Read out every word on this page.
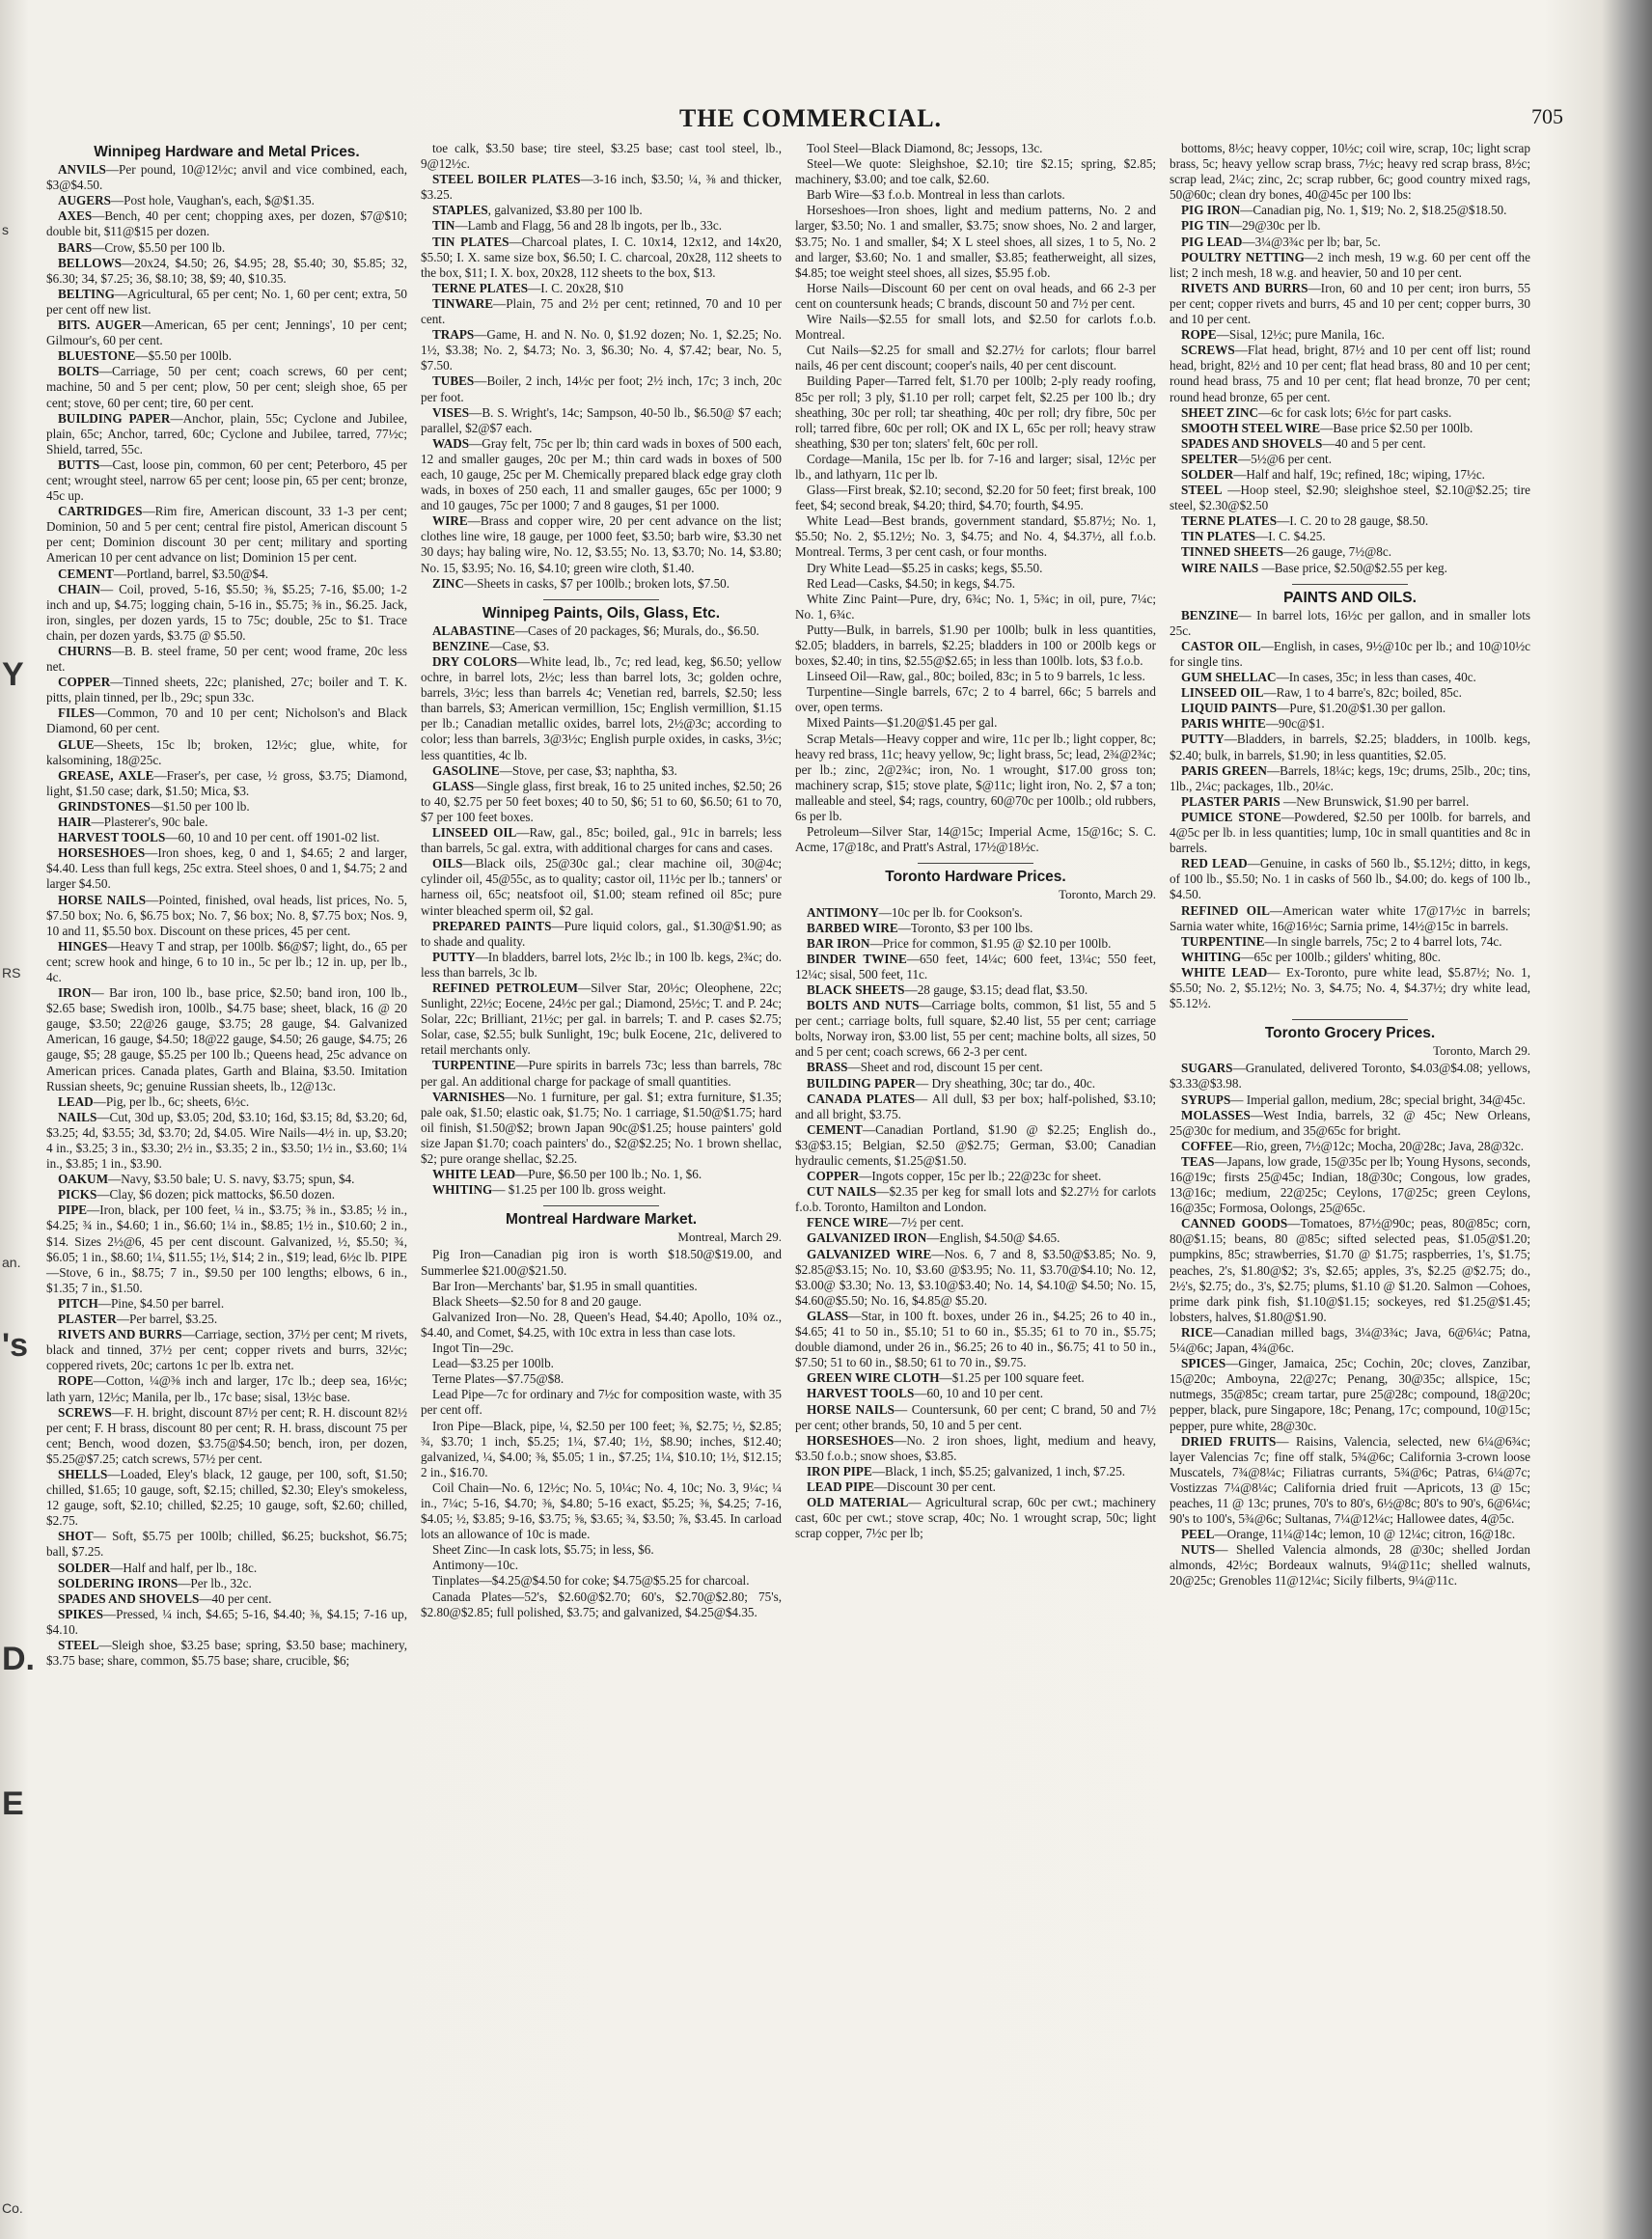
s
Y
RS
an.
's
D.
E
Co.
THE COMMERCIAL.	705
Winnipeg Hardware and Metal Prices.

ANVILS—Per pound, 10@12½c; anvil and vice combined, each, $3@$4.50.

AUGERS—Post hole, Vaughan's, each, $@$1.35.

AXES—Bench, 40 per cent; chopping axes, per dozen, $7@$10; double bit, $11@$15 per dozen.

BARS—Crow, $5.50 per 100 lb.

BELLOWS—20x24, $4.50; 26, $4.95; 28, $5.40; 30, $5.85; 32, $6.30; 34, $7.25; 36, $8.10; 38, $9; 40, $10.35.

BELTING—Agricultural, 65 per cent; No. 1, 60 per cent; extra, 50 per cent off new list.

BITS. AUGER—American, 65 per cent; Jennings', 10 per cent; Gilmour's, 60 per cent.

BLUESTONE—$5.50 per 100lb.

BOLTS—Carriage, 50 per cent; coach screws, 60 per cent; machine, 50 and 5 per cent; plow, 50 per cent; sleigh shoe, 65 per cent; stove, 60 per cent; tire, 60 per cent.

BUILDING PAPER—Anchor, plain, 55c; Cyclone and Jubilee, plain, 65c; Anchor, tarred, 60c; Cyclone and Jubilee, tarred, 77½c; Shield, tarred, 55c.

BUTTS—Cast, loose pin, common, 60 per cent; Peterboro, 45 per cent; wrought steel, narrow 65 per cent; loose pin, 65 per cent; bronze, 45c up.

CARTRIDGES—Rim fire, American discount, 33 1-3 per cent; Dominion, 50 and 5 per cent; central fire pistol, American discount 5 per cent; Dominion discount 30 per cent; military and sporting American 10 per cent advance on list; Dominion 15 per cent.

CEMENT—Portland, barrel, $3.50@$4.

CHAIN— Coil, proved, 5-16, $5.50; ⅜, $5.25; 7-16, $5.00; 1-2 inch and up, $4.75; logging chain, 5-16 in., $5.75; ⅜ in., $6.25. Jack, iron, singles, per dozen yards, 15 to 75c; double, 25c to $1. Trace chain, per dozen yards, $3.75 @ $5.50.

CHURNS—B. B. steel frame, 50 per cent; wood frame, 20c less net.

COPPER—Tinned sheets, 22c; planished, 27c; boiler and T. K. pitts, plain tinned, per lb., 29c; spun 33c.

FILES—Common, 70 and 10 per cent; Nicholson's and Black Diamond, 60 per cent.

GLUE—Sheets, 15c lb; broken, 12½c; glue, white, for kalsomining, 18@25c.

GREASE, AXLE—Fraser's, per case, ½ gross, $3.75; Diamond, light, $1.50 case; dark, $1.50; Mica, $3.

GRINDSTONES—$1.50 per 100 lb.

HAIR—Plasterer's, 90c bale.

HARVEST TOOLS—60, 10 and 10 per cent. off 1901-02 list.

HORSESHOES—Iron shoes, keg, 0 and 1, $4.65; 2 and larger, $4.40. Less than full kegs, 25c extra. Steel shoes, 0 and 1, $4.75; 2 and larger $4.50.

HORSE NAILS—Pointed, finished, oval heads, list prices, No. 5, $7.50 box; No. 6, $6.75 box; No. 7, $6 box; No. 8, $7.75 box; Nos. 9, 10 and 11, $5.50 box. Discount on these prices, 45 per cent.

HINGES—Heavy T and strap, per 100lb. $6@$7; light, do., 65 per cent; screw hook and hinge, 6 to 10 in., 5c per lb.; 12 in. up, per lb., 4c.

IRON— Bar iron, 100 lb., base price, $2.50; band iron, 100 lb., $2.65 base; Swedish iron, 100lb., $4.75 base; sheet, black, 16 @ 20 gauge, $3.50; 22@26 gauge, $3.75; 28 gauge, $4. Galvanized American, 16 gauge, $4.50; 18@22 gauge, $4.50; 26 gauge, $4.75; 26 gauge, $5; 28 gauge, $5.25 per 100 lb.; Queens head, 25c advance on American prices. Canada plates, Garth and Blaina, $3.50. Imitation Russian sheets, 9c; genuine Russian sheets, lb., 12@13c.

LEAD—Pig, per lb., 6c; sheets, 6½c.

NAILS—Cut, 30d up, $3.05; 20d, $3.10; 16d, $3.15; 8d, $3.20; 6d, $3.25; 4d, $3.55; 3d, $3.70; 2d, $4.05. Wire Nails—4½ in. up, $3.20; 4 in., $3.25; 3 in., $3.30; 2½ in., $3.35; 2 in., $3.50; 1½ in., $3.60; 1¼ in., $3.85; 1 in., $3.90.

OAKUM—Navy, $3.50 bale; U. S. navy, $3.75; spun, $4.

PICKS—Clay, $6 dozen; pick mattocks, $6.50 dozen.

PIPE—Iron, black, per 100 feet, ¼ in., $3.75; ⅜ in., $3.85; ½ in., $4.25; ¾ in., $4.60; 1 in., $6.60; 1¼ in., $8.85; 1½ in., $10.60; 2 in., $14. Sizes 2½@6, 45 per cent discount. Galvanized, ½, $5.50; ¾, $6.05; 1 in., $8.60; 1¼, $11.55; 1½, $14; 2 in., $19; lead, 6½c lb. PIPE—Stove, 6 in., $8.75; 7 in., $9.50 per 100 lengths; elbows, 6 in., $1.35; 7 in., $1.50.

PITCH—Pine, $4.50 per barrel.

PLASTER—Per barrel, $3.25.

RIVETS AND BURRS—Carriage, section, 37½ per cent; M rivets, black and tinned, 37½ per cent; copper rivets and burrs, 32½c; coppered rivets, 20c; cartons 1c per lb. extra net.

ROPE—Cotton, ¼@⅜ inch and larger, 17c lb.; deep sea, 16½c; lath yarn, 12½c; Manila, per lb., 17c base; sisal, 13½c base.

SCREWS—F. H. bright, discount 87½ per cent; R. H. discount 82½ per cent; F. H brass, discount 80 per cent; R. H. brass, discount 75 per cent; Bench, wood dozen, $3.75@$4.50; bench, iron, per dozen, $5.25@$7.25; catch screws, 57½ per cent.

SHELLS—Loaded, Eley's black, 12 gauge, per 100, soft, $1.50; chilled, $1.65; 10 gauge, soft, $2.15; chilled, $2.30; Eley's smokeless, 12 gauge, soft, $2.10; chilled, $2.25; 10 gauge, soft, $2.60; chilled, $2.75.

SHOT— Soft, $5.75 per 100lb; chilled, $6.25; buckshot, $6.75; ball, $7.25.

SOLDER—Half and half, per lb., 18c.

SOLDERING IRONS—Per lb., 32c.

SPADES AND SHOVELS—40 per cent.

SPIKES—Pressed, ¼ inch, $4.65; 5-16, $4.40; ⅜, $4.15; 7-16 up, $4.10.

STEEL—Sleigh shoe, $3.25 base; spring, $3.50 base; machinery, $3.75 base; share, common, $5.75 base; share, crucible, $6;

toe calk, $3.50 base; tire steel, $3.25 base; cast tool steel, lb., 9@12½c.

STEEL BOILER PLATES—3-16 inch, $3.50; ¼, ⅜ and thicker, $3.25.

STAPLES, galvanized, $3.80 per 100 lb.

TIN—Lamb and Flagg, 56 and 28 lb ingots, per lb., 33c.

TIN PLATES—Charcoal plates, I. C. 10x14, 12x12, and 14x20, $5.50; I. X. same size box, $6.50; I. C. charcoal, 20x28, 112 sheets to the box, $11; I. X. box, 20x28, 112 sheets to the box, $13.

TERNE PLATES—I. C. 20x28, $10

TINWARE—Plain, 75 and 2½ per cent; retinned, 70 and 10 per cent.

TRAPS—Game, H. and N. No. 0, $1.92 dozen; No. 1, $2.25; No. 1½, $3.38; No. 2, $4.73; No. 3, $6.30; No. 4, $7.42; bear, No. 5, $7.50.

TUBES—Boiler, 2 inch, 14½c per foot; 2½ inch, 17c; 3 inch, 20c per foot.

VISES—B. S. Wright's, 14c; Sampson, 40-50 lb., $6.50@ $7 each; parallel, $2@$7 each.

WADS—Gray felt, 75c per lb; thin card wads in boxes of 500 each, 12 and smaller gauges, 20c per M.; thin card wads in boxes of 500 each, 10 gauge, 25c per M. Chemically prepared black edge gray cloth wads, in boxes of 250 each, 11 and smaller gauges, 65c per 1000; 9 and 10 gauges, 75c per 1000; 7 and 8 gauges, $1 per 1000.

WIRE—Brass and copper wire, 20 per cent advance on the list; clothes line wire, 18 gauge, per 1000 feet, $3.50; barb wire, $3.30 net 30 days; hay baling wire, No. 12, $3.55; No. 13, $3.70; No. 14, $3.80; No. 15, $3.95; No. 16, $4.10; green wire cloth, $1.40.

ZINC—Sheets in casks, $7 per 100lb.; broken lots, $7.50.

Winnipeg Paints, Oils, Glass, Etc.

ALABASTINE—Cases of 20 packages, $6; Murals, do., $6.50.

BENZINE—Case, $3.

DRY COLORS—White lead, lb., 7c; red lead, keg, $6.50; yellow ochre, in barrel lots, 2½c; less than barrel lots, 3c; golden ochre, barrels, 3½c; less than barrels 4c; Venetian red, barrels, $2.50; less than barrels, $3; American vermillion, 15c; English vermillion, $1.15 per lb.; Canadian metallic oxides, barrel lots, 2½@3c; according to color; less than barrels, 3@3½c; English purple oxides, in casks, 3½c; less quantities, 4c lb.

GASOLINE—Stove, per case, $3; naphtha, $3.

GLASS—Single glass, first break, 16 to 25 united inches, $2.50; 26 to 40, $2.75 per 50 feet boxes; 40 to 50, $6; 51 to 60, $6.50; 61 to 70, $7 per 100 feet boxes.

LINSEED OIL—Raw, gal., 85c; boiled, gal., 91c in barrels; less than barrels, 5c gal. extra, with additional charges for cans and cases.

OILS—Black oils, 25@30c gal.; clear machine oil, 30@4c; cylinder oil, 45@55c, as to quality; castor oil, 11½c per lb.; tanners' or harness oil, 65c; neatsfoot oil, $1.00; steam refined oil 85c; pure winter bleached sperm oil, $2 gal.

PREPARED PAINTS—Pure liquid colors, gal., $1.30@$1.90; as to shade and quality.

PUTTY—In bladders, barrel lots, 2½c lb.; in 100 lb. kegs, 2¾c; do. less than barrels, 3c lb.

REFINED PETROLEUM—Silver Star, 20½c; Oleophene, 22c; Sunlight, 22½c; Eocene, 24½c per gal.; Diamond, 25½c; T. and P. 24c; Solar, 22c; Brilliant, 21½c; per gal. in barrels; T. and P. cases $2.75; Solar, case, $2.55; bulk Sunlight, 19c; bulk Eocene, 21c, delivered to retail merchants only.

TURPENTINE—Pure spirits in barrels 73c; less than barrels, 78c per gal. An additional charge for package of small quantities.

VARNISHES—No. 1 furniture, per gal. $1; extra furniture, $1.35; pale oak, $1.50; elastic oak, $1.75; No. 1 carriage, $1.50@$1.75; hard oil finish, $1.50@$2; brown Japan 90c@$1.25; house painters' gold size Japan $1.70; coach painters' do., $2@$2.25; No. 1 brown shellac, $2; pure orange shellac, $2.25.

WHITE LEAD—Pure, $6.50 per 100 lb.; No. 1, $6.

WHITING— $1.25 per 100 lb. gross weight.

Montreal Hardware Market.
Montreal, March 29.

Pig Iron—Canadian pig iron is worth $18.50@$19.00, and Summerlee $21.00@$21.50.

Bar Iron—Merchants' bar, $1.95 in small quantities.

Black Sheets—$2.50 for 8 and 20 gauge.

Galvanized Iron—No. 28, Queen's Head, $4.40; Apollo, 10¾ oz., $4.40, and Comet, $4.25, with 10c extra in less than case lots.

Ingot Tin—29c.

Lead—$3.25 per 100lb.

Terne Plates—$7.75@$8.

Lead Pipe—7c for ordinary and 7½c for composition waste, with 35 per cent off.

Iron Pipe—Black, pipe, ¼, $2.50 per 100 feet; ⅜, $2.75; ½, $2.85; ¾, $3.70; 1 inch, $5.25; 1¼, $7.40; 1½, $8.90; inches, $12.40; galvanized, ¼, $4.00; ⅜, $5.05; 1 in., $7.25; 1¼, $10.10; 1½, $12.15; 2 in., $16.70.

Coil Chain—No. 6, 12½c; No. 5, 10¼c; No. 4, 10c; No. 3, 9¼c; ¼ in., 7¼c; 5-16, $4.70; ⅜, $4.80; 5-16 exact, $5.25; ⅜, $4.25; 7-16, $4.05; ½, $3.85; 9-16, $3.75; ⅝, $3.65; ¾, $3.50; ⅞, $3.45. In carload lots an allowance of 10c is made.

Sheet Zinc—In cask lots, $5.75; in less, $6.

Antimony—10c.

Tinplates—$4.25@$4.50 for coke; $4.75@$5.25 for charcoal.

Canada Plates—52's, $2.60@$2.70; 60's, $2.70@$2.80; 75's, $2.80@$2.85; full polished, $3.75; and galvanized, $4.25@$4.35.

Tool Steel—Black Diamond, 8c; Jessops, 13c.

Steel—We quote: Sleighshoe, $2.10; tire $2.15; spring, $2.85; machinery, $3.00; and toe calk, $2.60.

Barb Wire—$3 f.o.b. Montreal in less than carlots.

Horseshoes—Iron shoes, light and medium patterns, No. 2 and larger, $3.50; No. 1 and smaller, $3.75; snow shoes, No. 2 and larger, $3.75; No. 1 and smaller, $4; X L steel shoes, all sizes, 1 to 5, No. 2 and larger, $3.60; No. 1 and smaller, $3.85; featherweight, all sizes, $4.85; toe weight steel shoes, all sizes, $5.95 f.ob.

Horse Nails—Discount 60 per cent on oval heads, and 66 2-3 per cent on countersunk heads; C brands, discount 50 and 7½ per cent.

Wire Nails—$2.55 for small lots, and $2.50 for carlots f.o.b. Montreal.

Cut Nails—$2.25 for small and $2.27½ for carlots; flour barrel nails, 46 per cent discount; cooper's nails, 40 per cent discount.

Building Paper—Tarred felt, $1.70 per 100lb; 2-ply ready roofing, 85c per roll; 3 ply, $1.10 per roll; carpet felt, $2.25 per 100 lb.; dry sheathing, 30c per roll; tar sheathing, 40c per roll; dry fibre, 50c per roll; tarred fibre, 60c per roll; OK and IX L, 65c per roll; heavy straw sheathing, $30 per ton; slaters' felt, 60c per roll.

Cordage—Manila, 15c per lb. for 7-16 and larger; sisal, 12½c per lb., and lathyarn, 11c per lb.

Glass—First break, $2.10; second, $2.20 for 50 feet; first break, 100 feet, $4; second break, $4.20; third, $4.70; fourth, $4.95.

White Lead—Best brands, government standard, $5.87½; No. 1, $5.50; No. 2, $5.12½; No. 3, $4.75; and No. 4, $4.37½, all f.o.b. Montreal. Terms, 3 per cent cash, or four months.

Dry White Lead—$5.25 in casks; kegs, $5.50.

Red Lead—Casks, $4.50; in kegs, $4.75.

White Zinc Paint—Pure, dry, 6¾c; No. 1, 5¾c; in oil, pure, 7¼c; No. 1, 6¾c.

Putty—Bulk, in barrels, $1.90 per 100lb; bulk in less quantities, $2.05; bladders, in barrels, $2.25; bladders in 100 or 200lb kegs or boxes, $2.40; in tins, $2.55@$2.65; in less than 100lb. lots, $3 f.o.b.

Linseed Oil—Raw, gal., 80c; boiled, 83c; in 5 to 9 barrels, 1c less.

Turpentine—Single barrels, 67c; 2 to 4 barrel, 66c; 5 barrels and over, open terms.

Mixed Paints—$1.20@$1.45 per gal.

Scrap Metals—Heavy copper and wire, 11c per lb.; light copper, 8c; heavy red brass, 11c; heavy yellow, 9c; light brass, 5c; lead, 2¾@2¾c; per lb.; zinc, 2@2¾c; iron, No. 1 wrought, $17.00 gross ton; machinery scrap, $15; stove plate, $@11c; light iron, No. 2, $7 a ton; malleable and steel, $4; rags, country, 60@70c per 100lb.; old rubbers, 6s per lb.

Petroleum—Silver Star, 14@15c; Imperial Acme, 15@16c; S. C. Acme, 17@18c, and Pratt's Astral, 17½@18½c.

Toronto Hardware Prices.
Toronto, March 29.

ANTIMONY—10c per lb. for Cookson's.

BARBED WIRE—Toronto, $3 per 100 lbs.

BAR IRON—Price for common, $1.95 @ $2.10 per 100lb.

BINDER TWINE—650 feet, 14¼c; 600 feet, 13¼c; 550 feet, 12¼c; sisal, 500 feet, 11c.

BLACK SHEETS—28 gauge, $3.15; dead flat, $3.50.

BOLTS AND NUTS—Carriage bolts, common, $1 list, 55 and 5 per cent.; carriage bolts, full square, $2.40 list, 55 per cent; carriage bolts, Norway iron, $3.00 list, 55 per cent; machine bolts, all sizes, 50 and 5 per cent; coach screws, 66 2-3 per cent.

BRASS—Sheet and rod, discount 15 per cent.

BUILDING PAPER— Dry sheathing, 30c; tar do., 40c.

CANADA PLATES— All dull, $3 per box; half-polished, $3.10; and all bright, $3.75.

CEMENT—Canadian Portland, $1.90 @ $2.25; English do., $3@$3.15; Belgian, $2.50 @$2.75; German, $3.00; Canadian hydraulic cements, $1.25@$1.50.

COPPER—Ingots copper, 15c per lb.; 22@23c for sheet.

CUT NAILS—$2.35 per keg for small lots and $2.27½ for carlots f.o.b. Toronto, Hamilton and London.

FENCE WIRE—7½ per cent.

GALVANIZED IRON—English, $4.50@ $4.65.

GALVANIZED WIRE—Nos. 6, 7 and 8, $3.50@$3.85; No. 9, $2.85@$3.15; No. 10, $3.60 @$3.95; No. 11, $3.70@$4.10; No. 12, $3.00@ $3.30; No. 13, $3.10@$3.40; No. 14, $4.10@ $4.50; No. 15, $4.60@$5.50; No. 16, $4.85@ $5.20.

GLASS—Star, in 100 ft. boxes, under 26 in., $4.25; 26 to 40 in., $4.65; 41 to 50 in., $5.10; 51 to 60 in., $5.35; 61 to 70 in., $5.75; double diamond, under 26 in., $6.25; 26 to 40 in., $6.75; 41 to 50 in., $7.50; 51 to 60 in., $8.50; 61 to 70 in., $9.75.

GREEN WIRE CLOTH—$1.25 per 100 square feet.

HARVEST TOOLS—60, 10 and 10 per cent.

HORSE NAILS— Countersunk, 60 per cent; C brand, 50 and 7½ per cent; other brands, 50, 10 and 5 per cent.

HORSESHOES—No. 2 iron shoes, light, medium and heavy, $3.50 f.o.b.; snow shoes, $3.85.

IRON PIPE—Black, 1 inch, $5.25; galvanized, 1 inch, $7.25.

LEAD PIPE—Discount 30 per cent.

OLD MATERIAL— Agricultural scrap, 60c per cwt.; machinery cast, 60c per cwt.; stove scrap, 40c; No. 1 wrought scrap, 50c; light scrap copper, 7½c per lb;

bottoms, 8½c; heavy copper, 10½c; coil wire, scrap, 10c; light scrap brass, 5c; heavy yellow scrap brass, 7½c; heavy red scrap brass, 8½c; scrap lead, 2¼c; zinc, 2c; scrap rubber, 6c; good country mixed rags, 50@60c; clean dry bones, 40@45c per 100 lbs:

PIG IRON—Canadian pig, No. 1, $19; No. 2, $18.25@$18.50.

PIG TIN—29@30c per lb.

PIG LEAD—3¼@3¾c per lb; bar, 5c.

POULTRY NETTING—2 inch mesh, 19 w.g. 60 per cent off the list; 2 inch mesh, 18 w.g. and heavier, 50 and 10 per cent.

RIVETS AND BURRS—Iron, 60 and 10 per cent; iron burrs, 55 per cent; copper rivets and burrs, 45 and 10 per cent; copper burrs, 30 and 10 per cent.

ROPE—Sisal, 12½c; pure Manila, 16c.

SCREWS—Flat head, bright, 87½ and 10 per cent off list; round head, bright, 82½ and 10 per cent; flat head brass, 80 and 10 per cent; round head brass, 75 and 10 per cent; flat head bronze, 70 per cent; round head bronze, 65 per cent.

SHEET ZINC—6c for cask lots; 6½c for part casks.

SMOOTH STEEL WIRE—Base price $2.50 per 100lb.

SPADES AND SHOVELS—40 and 5 per cent.

SPELTER—5½@6 per cent.

SOLDER—Half and half, 19c; refined, 18c; wiping, 17½c.

STEEL —Hoop steel, $2.90; sleighshoe steel, $2.10@$2.25; tire steel, $2.30@$2.50

TERNE PLATES—I. C. 20 to 28 gauge, $8.50.

TIN PLATES—I. C. $4.25.

TINNED SHEETS—26 gauge, 7½@8c.

WIRE NAILS —Base price, $2.50@$2.55 per keg.

PAINTS AND OILS.

BENZINE— In barrel lots, 16½c per gallon, and in smaller lots 25c.

CASTOR OIL—English, in cases, 9½@10c per lb.; and 10@10½c for single tins.

GUM SHELLAC—In cases, 35c; in less than cases, 40c.

LINSEED OIL—Raw, 1 to 4 barre's, 82c; boiled, 85c.

LIQUID PAINTS—Pure, $1.20@$1.30 per gallon.

PARIS WHITE—90c@$1.

PUTTY—Bladders, in barrels, $2.25; bladders, in 100lb. kegs, $2.40; bulk, in barrels, $1.90; in less quantities, $2.05.

PARIS GREEN—Barrels, 18¼c; kegs, 19c; drums, 25lb., 20c; tins, 1lb., 2¼c; packages, 1lb., 20¼c.

PLASTER PARIS —New Brunswick, $1.90 per barrel.

PUMICE STONE—Powdered, $2.50 per 100lb. for barrels, and 4@5c per lb. in less quantities; lump, 10c in small quantities and 8c in barrels.

RED LEAD—Genuine, in casks of 560 lb., $5.12½; ditto, in kegs, of 100 lb., $5.50; No. 1 in casks of 560 lb., $4.00; do. kegs of 100 lb., $4.50.

REFINED OIL—American water white 17@17½c in barrels; Sarnia water white, 16@16½c; Sarnia prime, 14½@15c in barrels.

TURPENTINE—In single barrels, 75c; 2 to 4 barrel lots, 74c.

WHITING—65c per 100lb.; gilders' whiting, 80c.

WHITE LEAD— Ex-Toronto, pure white lead, $5.87½; No. 1, $5.50; No. 2, $5.12½; No. 3, $4.75; No. 4, $4.37½; dry white lead, $5.12½.

Toronto Grocery Prices.
Toronto, March 29.

SUGARS—Granulated, delivered Toronto, $4.03@$4.08; yellows, $3.33@$3.98.

SYRUPS— Imperial gallon, medium, 28c; special bright, 34@45c.

MOLASSES—West India, barrels, 32 @ 45c; New Orleans, 25@30c for medium, and 35@65c for bright.

COFFEE—Rio, green, 7½@12c; Mocha, 20@28c; Java, 28@32c.

TEAS—Japans, low grade, 15@35c per lb; Young Hysons, seconds, 16@19c; firsts 25@45c; Indian, 18@30c; Congous, low grades, 13@16c; medium, 22@25c; Ceylons, 17@25c; green Ceylons, 16@35c; Formosa, Oolongs, 25@65c.

CANNED GOODS—Tomatoes, 87½@90c; peas, 80@85c; corn, 80@$1.15; beans, 80 @85c; sifted selected peas, $1.05@$1.20; pumpkins, 85c; strawberries, $1.70 @ $1.75; raspberries, 1's, $1.75; peaches, 2's, $1.80@$2; 3's, $2.65; apples, 3's, $2.25 @$2.75; do., 2½'s, $2.75; do., 3's, $2.75; plums, $1.10 @ $1.20. Salmon —Cohoes, prime dark pink fish, $1.10@$1.15; sockeyes, red $1.25@$1.45; lobsters, halves, $1.80@$1.90.

RICE—Canadian milled bags, 3¼@3¾c; Java, 6@6¼c; Patna, 5¼@6c; Japan, 4¾@6c.

SPICES—Ginger, Jamaica, 25c; Cochin, 20c; cloves, Zanzibar, 15@20c; Amboyna, 22@27c; Penang, 30@35c; allspice, 15c; nutmegs, 35@85c; cream tartar, pure 25@28c; compound, 18@20c; pepper, black, pure Singapore, 18c; Penang, 17c; compound, 10@15c; pepper, pure white, 28@30c.

DRIED FRUITS— Raisins, Valencia, selected, new 6¼@6¾c; layer Valencias 7c; fine off stalk, 5¾@6c; California 3-crown loose Muscatels, 7¾@8¼c; Filiatras currants, 5¾@6c; Patras, 6¼@7c; Vostizzas 7¼@8¼c; California dried fruit —Apricots, 13 @ 15c; peaches, 11 @ 13c; prunes, 70's to 80's, 6½@8c; 80's to 90's, 6@6¼c; 90's to 100's, 5¾@6c; Sultanas, 7¼@12¼c; Hallowee dates, 4@5c.

PEEL—Orange, 11¼@14c; lemon, 10 @ 12¼c; citron, 16@18c.

NUTS— Shelled Valencia almonds, 28 @30c; shelled Jordan almonds, 42½c; Bordeaux walnuts, 9¼@11c; shelled walnuts, 20@25c; Grenobles 11@12¼c; Sicily filberts, 9¼@11c.
